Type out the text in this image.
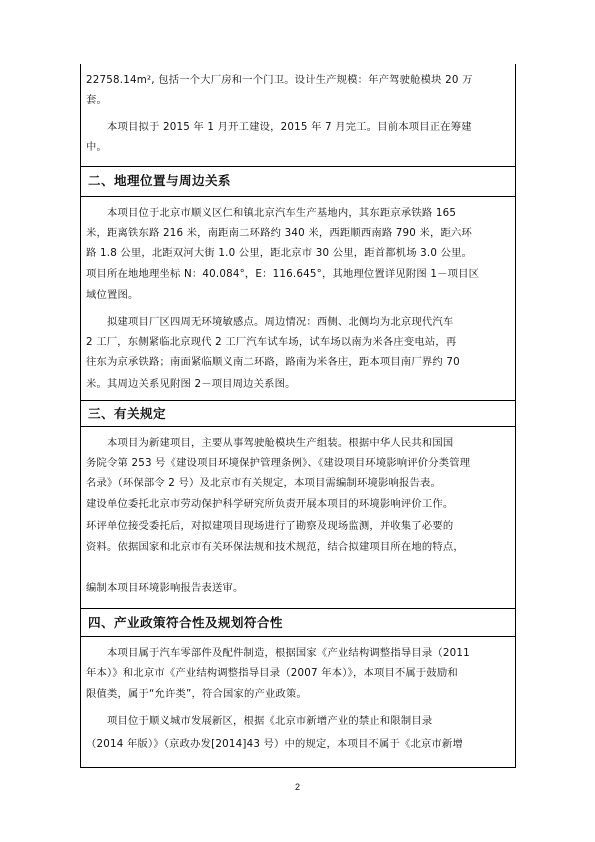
22758.14m², 包括一个大厂房和一个门卫。设计生产规模：年产驾驶舱模块 20 万
套。
　　本项目拟于 2015 年 1 月开工建设，2015 年 7 月完工。目前本项目正在筹建
中。
二、地理位置与周边关系
　　本项目位于北京市顺义区仁和镇北京汽车生产基地内，其东距京承铁路 165
米，距离铁东路 216 米，南距南二环路约 340 米，西距顺西南路 790 米，距六环
路 1.8 公里，北距双河大街 1.0 公里，距北京市 30 公里，距首都机场 3.0 公里。
项目所在地地理坐标 N：40.084°，E：116.645°，其地理位置详见附图 1－项目区
域位置图。
　　拟建项目厂区四周无环境敏感点。周边情况：西侧、北侧均为北京现代汽车
2 工厂，东侧紧临北京现代 2 工厂汽车试车场，试车场以南为米各庄变电站，再
往东为京承铁路；南面紧临顺义南二环路，路南为米各庄，距本项目南厂界约 70
米。其周边关系见附图 2－项目周边关系图。
三、有关规定
　　本项目为新建项目，主要从事驾驶舱模块生产组装。根据中华人民共和国国
务院令第 253 号《建设项目环境保护管理条例》、《建设项目环境影响评价分类管理
名录》（环保部令 2 号）及北京市有关规定，本项目需编制环境影响报告表。
建设单位委托北京市劳动保护科学研究所负责开展本项目的环境影响评价工作。
环评单位接受委托后，对拟建项目现场进行了勘察及现场监测，并收集了必要的
资料。依据国家和北京市有关环保法规和技术规范，结合拟建项目所在地的特点，
编制本项目环境影响报告表送审。
四、产业政策符合性及规划符合性
　　本项目属于汽车零部件及配件制造，根据国家《产业结构调整指导目录（2011
年本）》和北京市《产业结构调整指导目录（2007 年本）》，本项目不属于鼓励和
限值类，属于“允许类”，符合国家的产业政策。
　　项目位于顺义城市发展新区，根据《北京市新增产业的禁止和限制目录
（2014 年版）》（京政办发[2014]43 号）中的规定，本项目不属于《北京市新增
2
